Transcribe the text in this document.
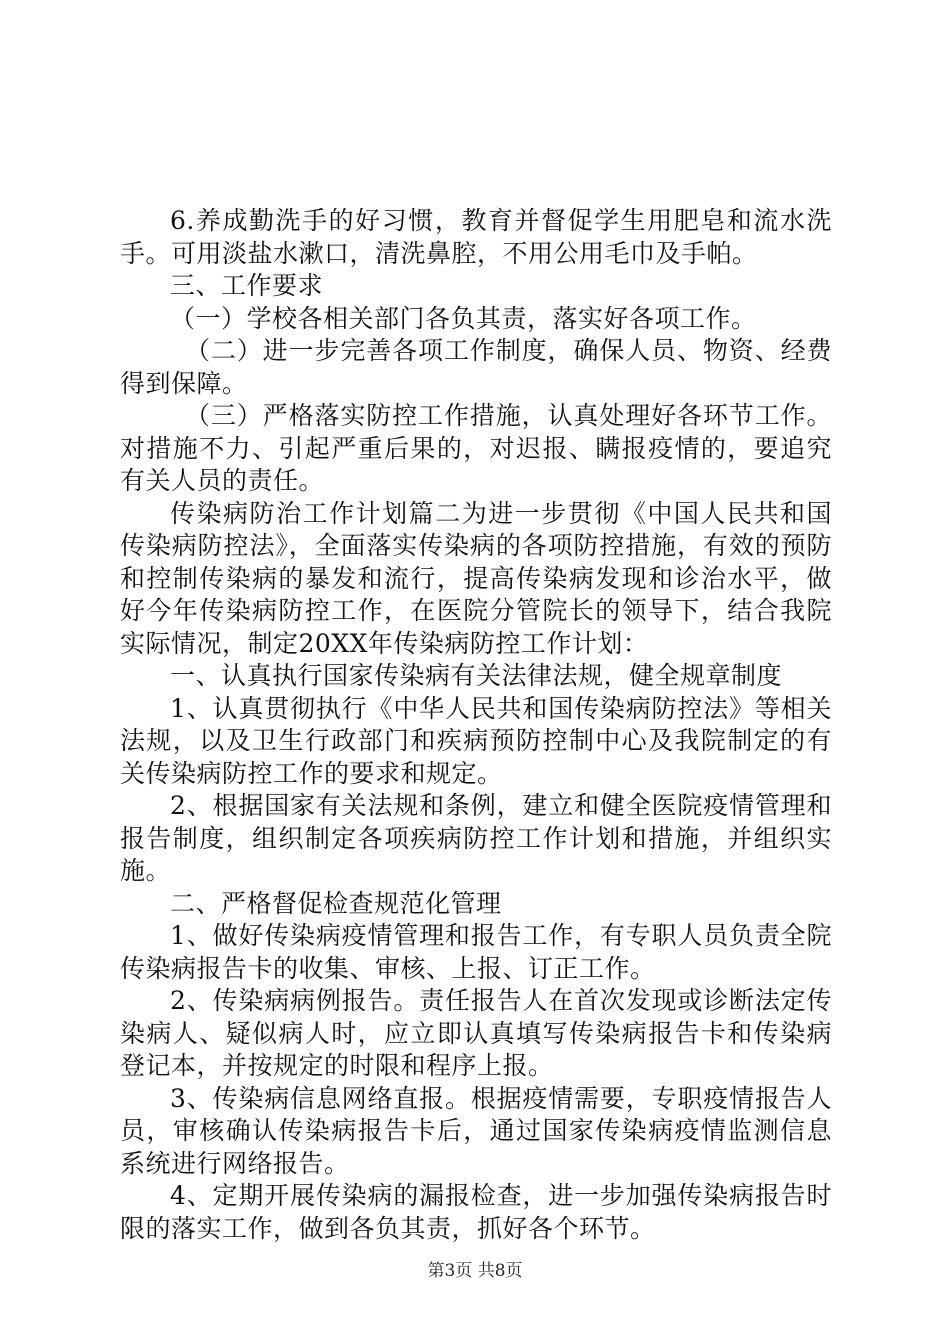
6.养成勤洗手的好习惯，教育并督促学生用肥皂和流水洗手。可用淡盐水漱口，清洗鼻腔，不用公用毛巾及手帕。

三、工作要求

（一）学校各相关部门各负其责，落实好各项工作。

（二）进一步完善各项工作制度，确保人员、物资、经费得到保障。

（三）严格落实防控工作措施，认真处理好各环节工作。对措施不力、引起严重后果的，对迟报、瞒报疫情的，要追究有关人员的责任。

传染病防治工作计划篇二为进一步贯彻《中国人民共和国传染病防控法》，全面落实传染病的各项防控措施，有效的预防和控制传染病的暴发和流行，提高传染病发现和诊治水平，做好今年传染病防控工作，在医院分管院长的领导下，结合我院实际情况，制定20XX年传染病防控工作计划：

一、认真执行国家传染病有关法律法规，健全规章制度

1、认真贯彻执行《中华人民共和国传染病防控法》等相关法规，以及卫生行政部门和疾病预防控制中心及我院制定的有关传染病防控工作的要求和规定。

2、根据国家有关法规和条例，建立和健全医院疫情管理和报告制度，组织制定各项疾病防控工作计划和措施，并组织实施。

二、严格督促检查规范化管理

1、做好传染病疫情管理和报告工作，有专职人员负责全院传染病报告卡的收集、审核、上报、订正工作。

2、传染病病例报告。责任报告人在首次发现或诊断法定传染病人、疑似病人时，应立即认真填写传染病报告卡和传染病登记本，并按规定的时限和程序上报。

3、传染病信息网络直报。根据疫情需要，专职疫情报告人员，审核确认传染病报告卡后，通过国家传染病疫情监测信息系统进行网络报告。

4、定期开展传染病的漏报检查，进一步加强传染病报告时限的落实工作，做到各负其责，抓好各个环节。

第3页 共8页
